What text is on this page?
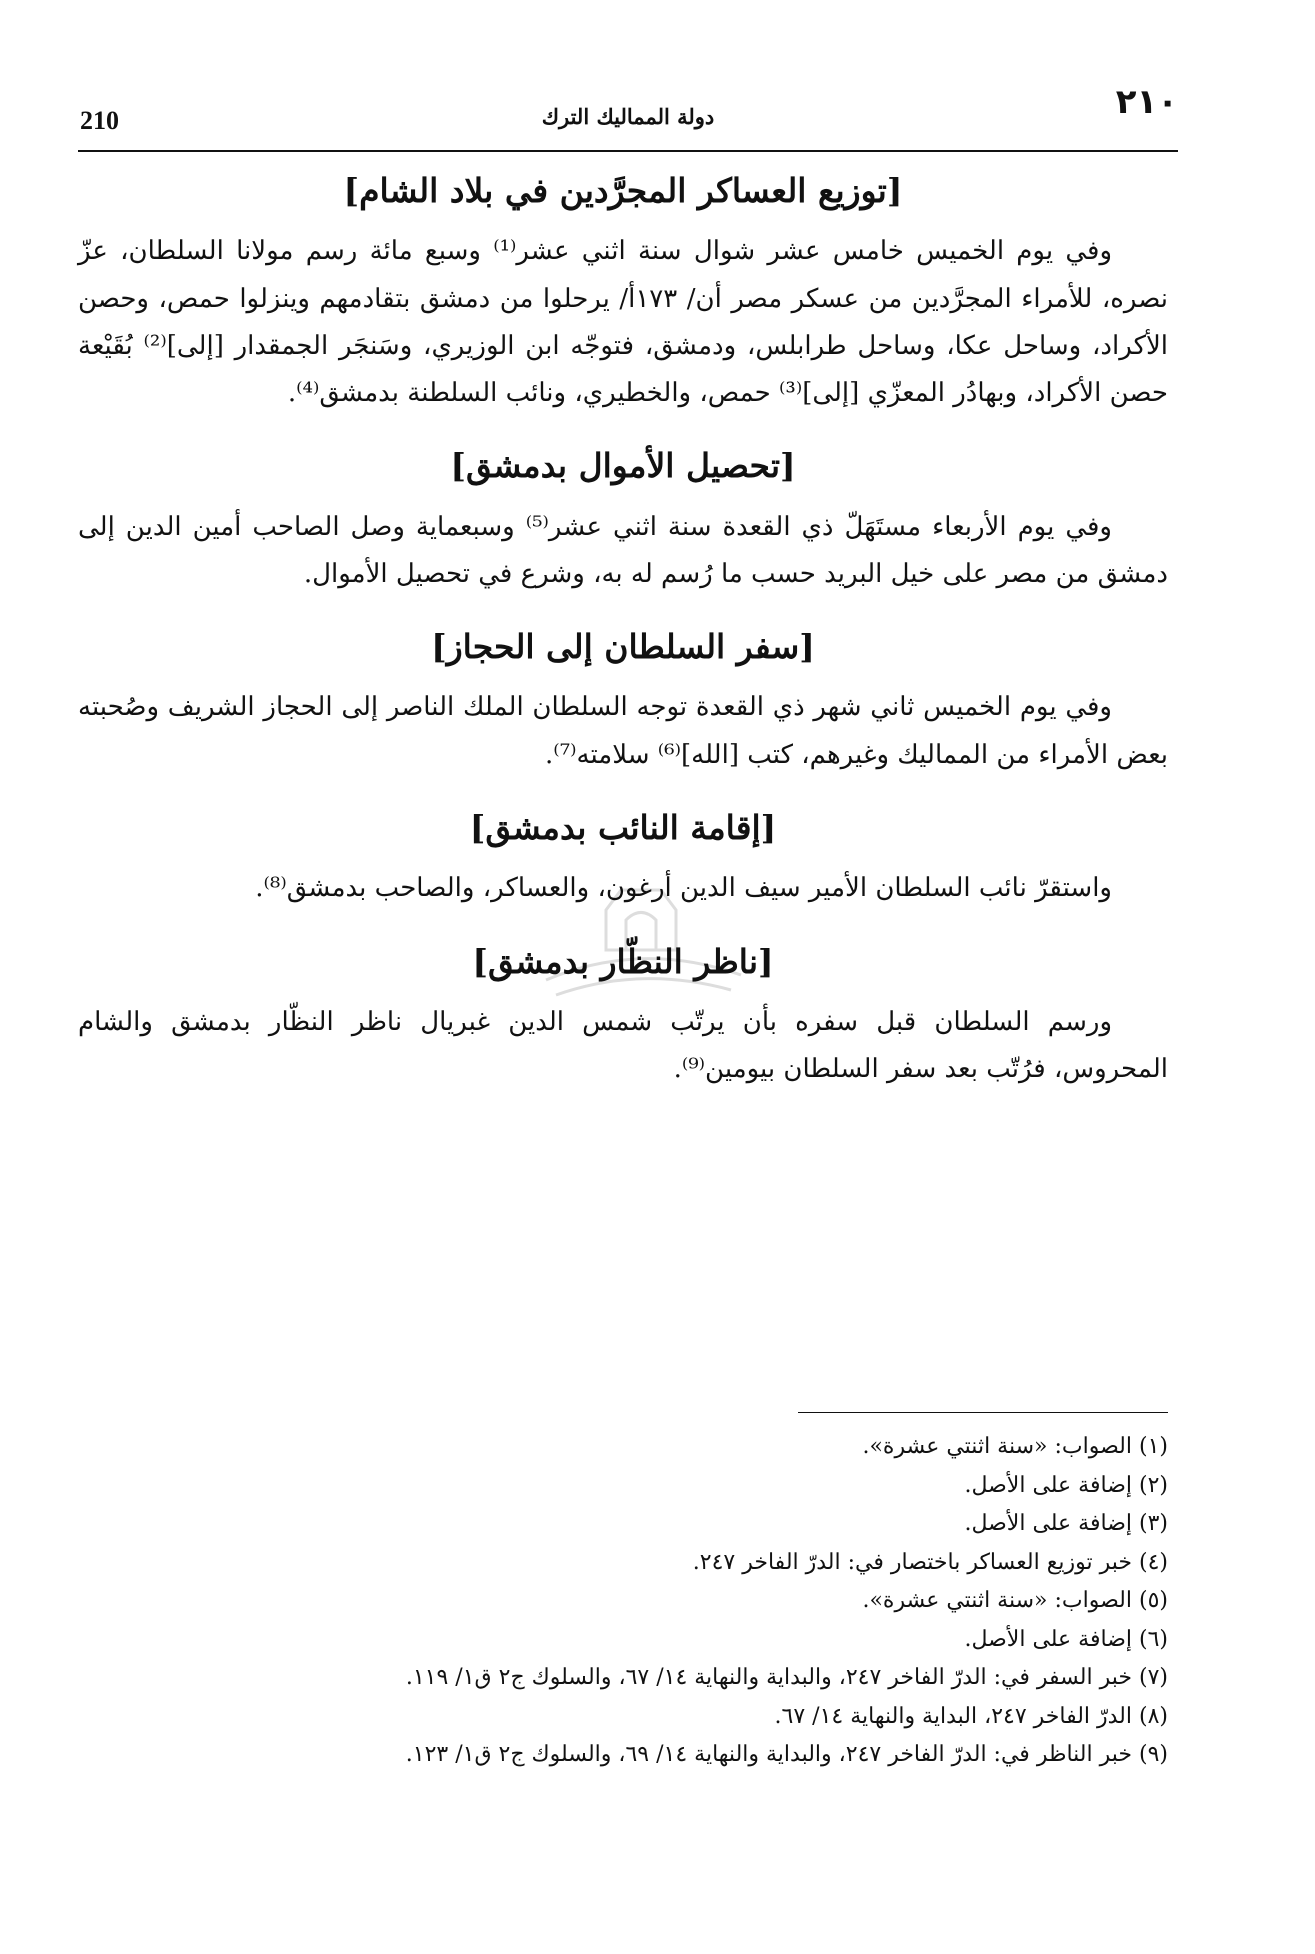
٢١٠
دولة المماليك الترك
210
[توزيع العساكر المجرَّدين في بلاد الشام]

وفي يوم الخميس خامس عشر شوال سنة اثني عشر⁽¹⁾ وسبع مائة رسم مولانا السلطان، عزّ نصره، للأمراء المجرَّدين من عسكر مصر أن/ ١٧٣أ/ يرحلوا من دمشق بتقادمهم وينزلوا حمص، وحصن الأكراد، وساحل عكا، وساحل طرابلس، ودمشق، فتوجّه ابن الوزيري، وسَنجَر الجمقدار [إلى]⁽²⁾ بُقَيْعة حصن الأكراد، وبهادُر المعزّي [إلى]⁽³⁾ حمص، والخطيري، ونائب السلطنة بدمشق⁽⁴⁾.

[تحصيل الأموال بدمشق]

وفي يوم الأربعاء مستَهَلّ ذي القعدة سنة اثني عشر⁽⁵⁾ وسبعماية وصل الصاحب أمين الدين إلى دمشق من مصر على خيل البريد حسب ما رُسم له به، وشرع في تحصيل الأموال.

[سفر السلطان إلى الحجاز]

وفي يوم الخميس ثاني شهر ذي القعدة توجه السلطان الملك الناصر إلى الحجاز الشريف وصُحبته بعض الأمراء من المماليك وغيرهم، كتب [الله]⁽⁶⁾ سلامته⁽⁷⁾.

[إقامة النائب بدمشق]

واستقرّ نائب السلطان الأمير سيف الدين أرغون، والعساكر، والصاحب بدمشق⁽⁸⁾.

[ناظر النظّار بدمشق]

ورسم السلطان قبل سفره بأن يرتّب شمس الدين غبريال ناظر النظّار بدمشق والشام المحروس، فرُتّب بعد سفر السلطان بيومين⁽⁹⁾.

(١) الصواب: «سنة اثنتي عشرة».
(٢) إضافة على الأصل.
(٣) إضافة على الأصل.
(٤) خبر توزيع العساكر باختصار في: الدرّ الفاخر ٢٤٧.
(٥) الصواب: «سنة اثنتي عشرة».
(٦) إضافة على الأصل.
(٧) خبر السفر في: الدرّ الفاخر ٢٤٧، والبداية والنهاية ١٤/ ٦٧، والسلوك ج٢ ق١/ ١١٩.
(٨) الدرّ الفاخر ٢٤٧، البداية والنهاية ١٤/ ٦٧.
(٩) خبر الناظر في: الدرّ الفاخر ٢٤٧، والبداية والنهاية ١٤/ ٦٩، والسلوك ج٢ ق١/ ١٢٣.
